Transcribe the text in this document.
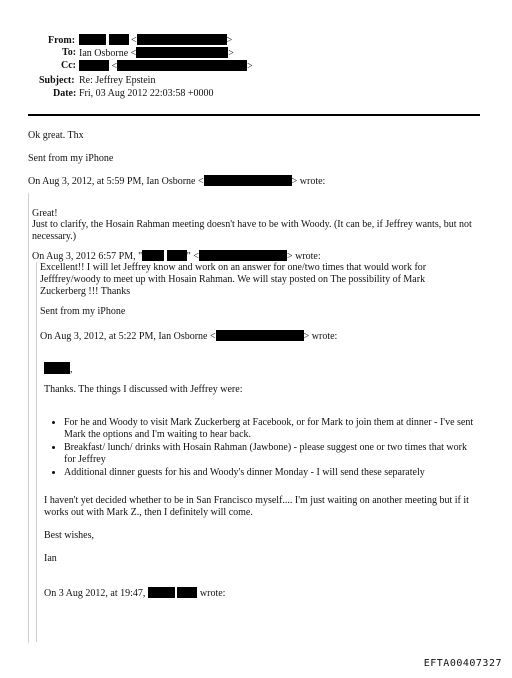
From:	<	>
To: Ian Osborne <	>
Cc:	<	>
Subject: Re: Jeffrey Epstein
Date: Fri, 03 Aug 2012 22:03:58 +0000
Ok great. Thx
Sent from my iPhone
On Aug 3, 2012, at 5:59 PM, Ian Osborne <	> wrote:
Great!
Just to clarify, the Hosain Rahman meeting doesn't have to be with Woody. (It can be, if Jeffrey wants, but not necessary.)
On Aug 3, 2012 6:57 PM, "	" <	> wrote:
Excellent!! I will let Jeffrey know and work on an answer for one/two times that would work for Jefffrey/woody to meet up with Hosain Rahman. We will stay posted on The possibility of Mark Zuckerberg !!! Thanks
Sent from my iPhone
On Aug 3, 2012, at 5:22 PM, Ian Osborne <	> wrote:
,
Thanks. The things I discussed with Jeffrey were:
• For he and Woody to visit Mark Zuckerberg at Facebook, or for Mark to join them at dinner - I've sent Mark the options and I'm waiting to hear back.
• Breakfast/ lunch/ drinks with Hosain Rahman (Jawbone) - please suggest one or two times that work for Jeffrey
• Additional dinner guests for his and Woody's dinner Monday - I will send these separately
I haven't yet decided whether to be in San Francisco myself.... I'm just waiting on another meeting but if it works out with Mark Z., then I definitely will come.
Best wishes,
Ian
On 3 Aug 2012, at 19:47,	wrote:
EFTA00407327
